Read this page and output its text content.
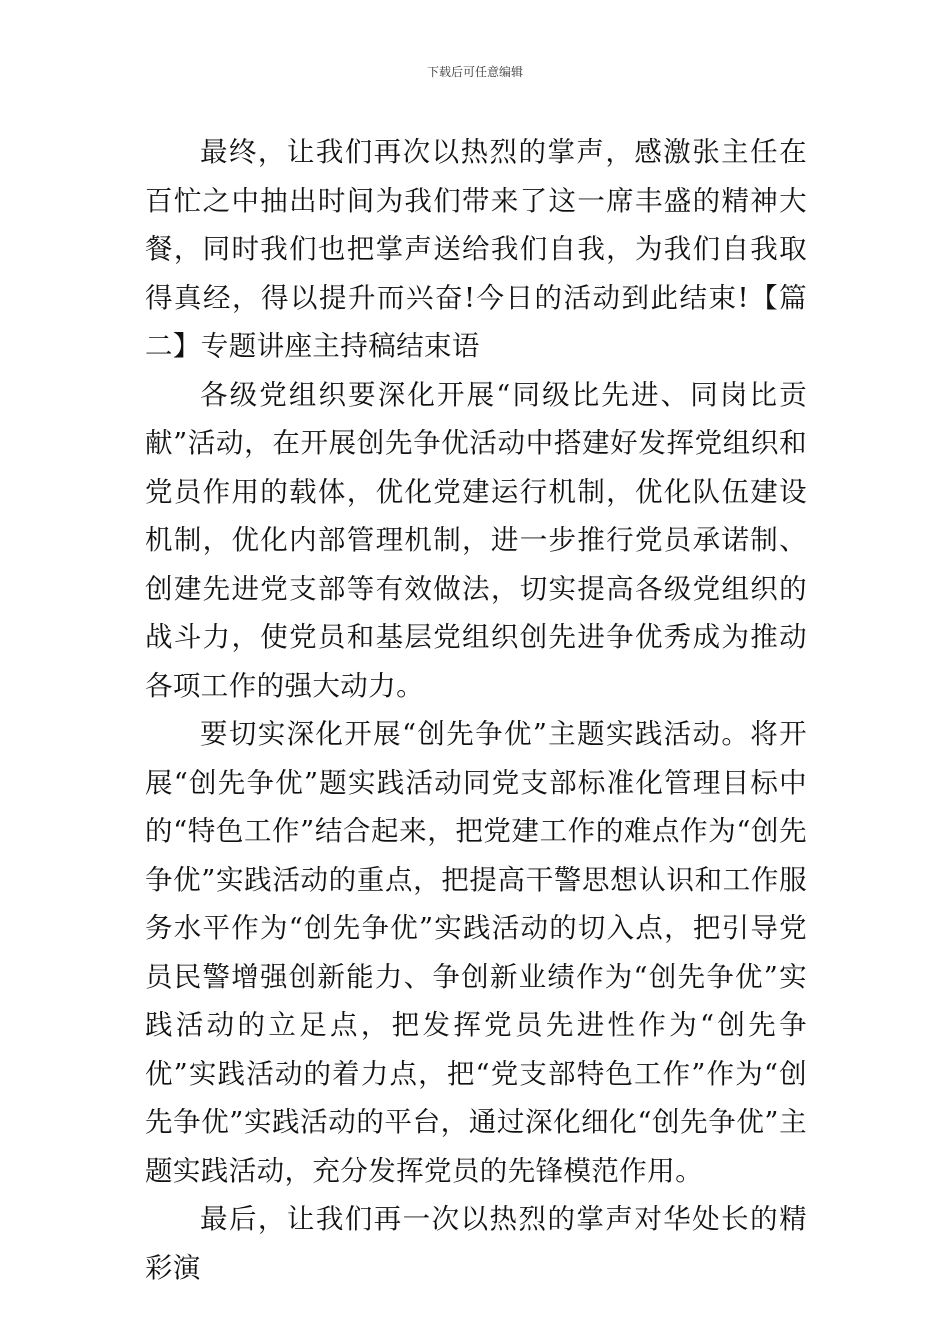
下载后可任意编辑

最终，让我们再次以热烈的掌声，感激张主任在百忙之中抽出时间为我们带来了这一席丰盛的精神大餐，同时我们也把掌声送给我们自我，为我们自我取得真经，得以提升而兴奋!今日的活动到此结束!【篇二】专题讲座主持稿结束语

各级党组织要深化开展“同级比先进、同岗比贡献”活动，在开展创先争优活动中搭建好发挥党组织和党员作用的载体，优化党建运行机制，优化队伍建设机制，优化内部管理机制，进一步推行党员承诺制、创建先进党支部等有效做法，切实提高各级党组织的战斗力，使党员和基层党组织创先进争优秀成为推动各项工作的强大动力。

要切实深化开展“创先争优”主题实践活动。将开展“创先争优”题实践活动同党支部标准化管理目标中的“特色工作”结合起来，把党建工作的难点作为“创先争优”实践活动的重点，把提高干警思想认识和工作服务水平作为“创先争优”实践活动的切入点，把引导党员民警增强创新能力、争创新业绩作为“创先争优”实践活动的立足点，把发挥党员先进性作为“创先争优”实践活动的着力点，把“党支部特色工作”作为“创先争优”实践活动的平台，通过深化细化“创先争优”主题实践活动，充分发挥党员的先锋模范作用。

最后，让我们再一次以热烈的掌声对华处长的精彩演
